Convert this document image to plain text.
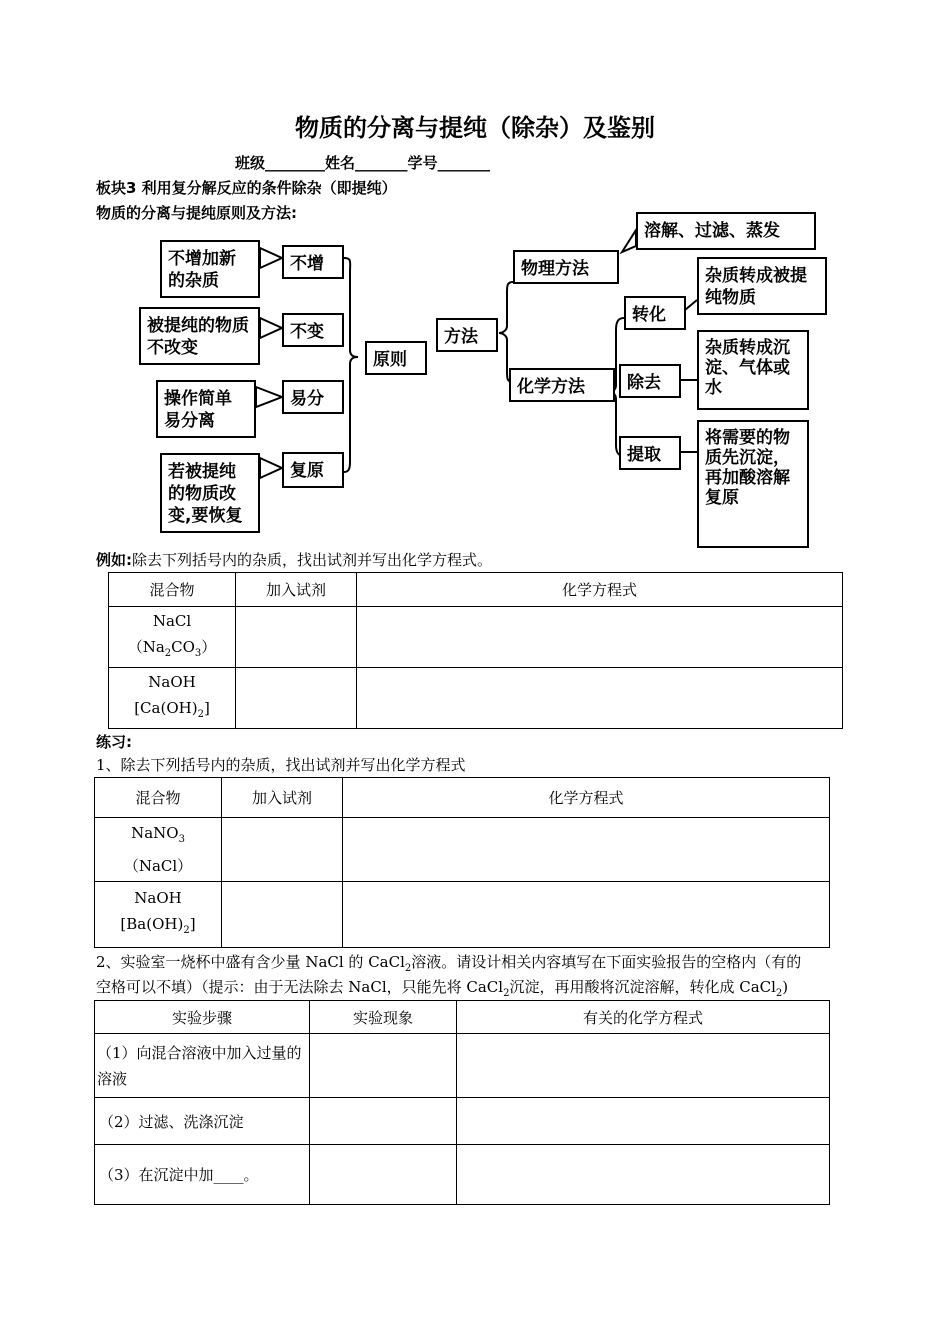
物质的分离与提纯（除杂）及鉴别
班级________姓名_______学号_______
板块3 利用复分解反应的条件除杂（即提纯）
物质的分离与提纯原则及方法:
不增加新的杂质
被提纯的物质不改变
操作简单易分离
若被提纯的物质改变,要恢复
不增
不变
易分
复原
原则
方法
物理方法
溶解、过滤、蒸发
化学方法
转化
除去
提取
杂质转成被提纯物质
杂质转成沉淀、气体或水
将需要的物质先沉淀，再加酸溶解复原
例如:除去下列括号内的杂质，找出试剂并写出化学方程式。
混合物	加入试剂	化学方程式

NaCl
$(Na_2CO_3)$		

NaOH
$[Ca(OH)_2]$		

练习:
1、除去下列括号内的杂质，找出试剂并写出化学方程式
混合物	加入试剂	化学方程式

NaNO$_3$
（NaCl）		

NaOH
$[Ba(OH)_2]$		

2、实验室一烧杯中盛有含少量 NaCl 的 CaCl$_2$溶液。请设计相关内容填写在下面实验报告的空格内（有的
空格可以不填）（提示：由于无法除去 NaCl，只能先将 CaCl$_2$沉淀，再用酸将沉淀溶解，转化成 CaCl$_2$)
实验步骤	实验现象	有关的化学方程式
（1）向混合溶液中加入过量的溶液		
（2）过滤、洗涤沉淀		
（3）在沉淀中加____。		
